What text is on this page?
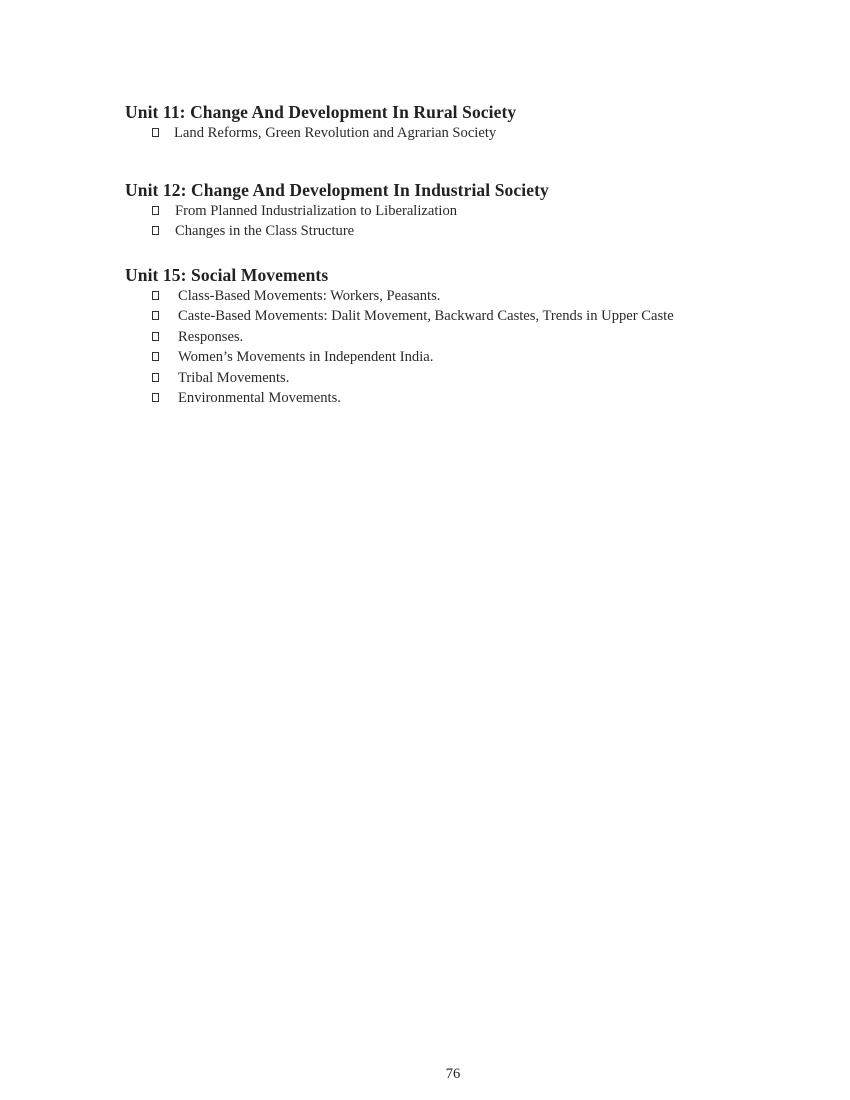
Unit 11: Change And Development In Rural Society
Land Reforms, Green Revolution and Agrarian Society
Unit 12: Change And Development In Industrial Society
From Planned Industrialization to Liberalization
Changes in the Class Structure
Unit 15: Social Movements
Class-Based Movements: Workers, Peasants.
Caste-Based Movements: Dalit Movement, Backward Castes, Trends in Upper Caste
Responses.
Women’s Movements in Independent India.
Tribal Movements.
Environmental Movements.
76
